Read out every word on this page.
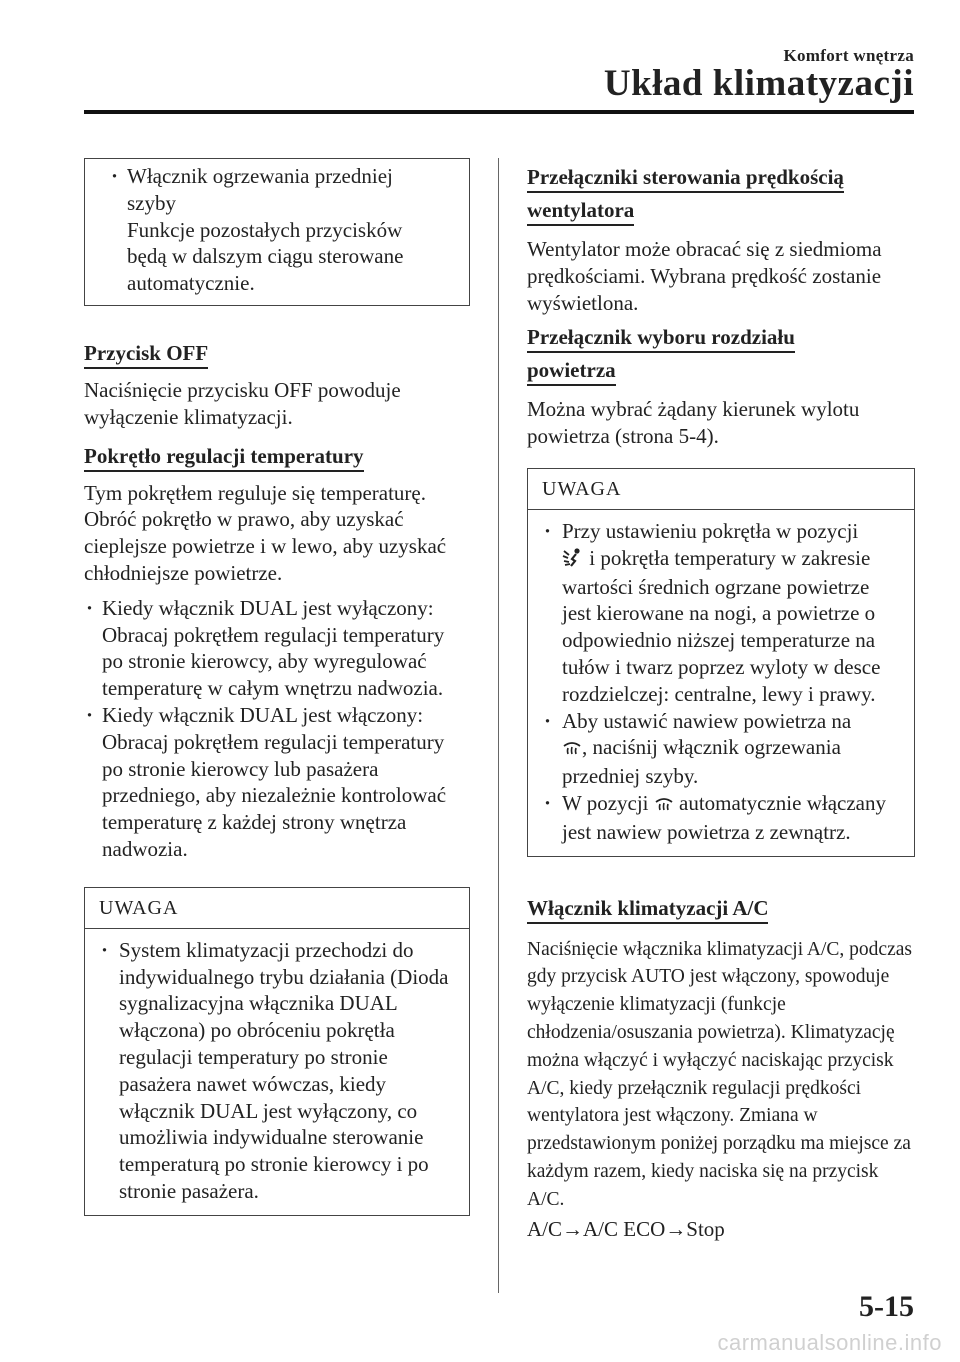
Komfort wnętrza
Układ klimatyzacji
· Włącznik ogrzewania przedniej
szyby
Funkcje pozostałych przycisków
będą w dalszym ciągu sterowane
automatycznie.
Przycisk OFF

Naciśnięcie przycisku OFF powoduje wyłączenie klimatyzacji.

Pokrętło regulacji temperatury

Tym pokrętłem reguluje się temperaturę. Obróć pokrętło w prawo, aby uzyskać cieplejsze powietrze i w lewo, aby uzyskać chłodniejsze powietrze.

· Kiedy włącznik DUAL jest wyłączony: Obracaj pokrętłem regulacji temperatury po stronie kierowcy, aby wyregulować temperaturę w całym wnętrzu nadwozia.
· Kiedy włącznik DUAL jest włączony: Obracaj pokrętłem regulacji temperatury po stronie kierowcy lub pasażera przedniego, aby niezależnie kontrolować temperaturę z każdej strony wnętrza nadwozia.
UWAGA
· System klimatyzacji przechodzi do indywidualnego trybu działania (Dioda sygnalizacyjna włącznika DUAL włączona) po obróceniu pokrętła regulacji temperatury po stronie pasażera nawet wówczas, kiedy włącznik DUAL jest wyłączony, co umożliwia indywidualne sterowanie temperaturą po stronie kierowcy i po stronie pasażera.
Przełączniki sterowania prędkością
wentylatora

Wentylator może obracać się z siedmioma prędkościami. Wybrana prędkość zostanie wyświetlona.

Przełącznik wyboru rozdziału
powietrza

Można wybrać żądany kierunek wylotu powietrza (strona 5-4).

UWAGA
· Przy ustawieniu pokrętła w pozycji
i pokrętła temperatury w zakresie wartości średnich ogrzane powietrze jest kierowane na nogi, a powietrze o odpowiednio niższej temperaturze na tułów i twarz poprzez wyloty w desce rozdzielczej: centralne, lewy i prawy.
· Aby ustawić nawiew powietrza na
, naciśnij włącznik ogrzewania przedniej szyby.
· W pozycji automatycznie włączany jest nawiew powietrza z zewnątrz.
Włącznik klimatyzacji A/C

Naciśnięcie włącznika klimatyzacji A/C, podczas gdy przycisk AUTO jest włączony, spowoduje wyłączenie klimatyzacji (funkcje chłodzenia/osuszania powietrza). Klimatyzację można włączyć i wyłączyć naciskając przycisk A/C, kiedy przełącznik regulacji prędkości wentylatora jest włączony. Zmiana w przedstawionym poniżej porządku ma miejsce za każdym razem, kiedy naciska się na przycisk A/C.

A/C→A/C ECO→Stop

5-15
carmanualsonline.info
